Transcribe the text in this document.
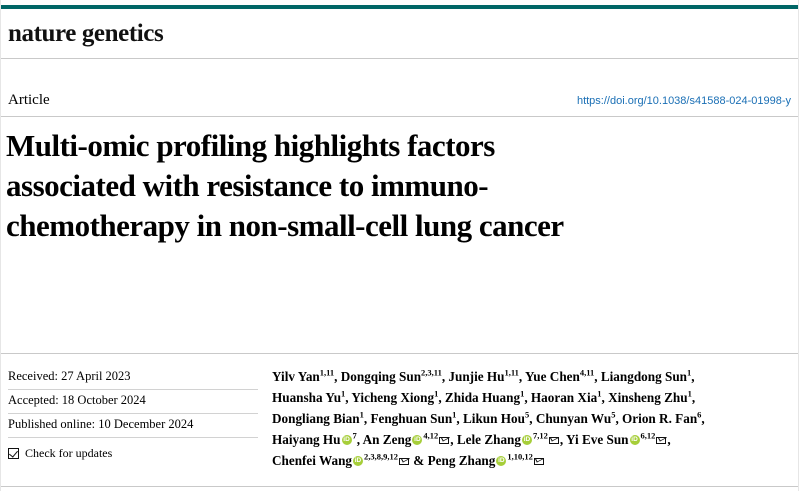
nature genetics
Article	https://doi.org/10.1038/s41588-024-01998-y
Multi-omic profiling highlights factors associated with resistance to immuno-chemotherapy in non-small-cell lung cancer
Received: 27 April 2023
Accepted: 18 October 2024
Published online: 10 December 2024
Check for updates
Yilv Yan$^{1,11}$, Dongqing Sun$^{2,3,11}$, Junjie Hu$^{1,11}$, Yue Chen$^{4,11}$, Liangdong Sun$^1$,
Huansha Yu$^1$, Yicheng Xiong$^1$, Zhida Huang$^1$, Haoran Xia$^1$, Xinsheng Zhu$^1$,
Dongliang Bian$^1$, Fenghuan Sun$^1$, Likun Hou$^5$, Chunyan Wu$^5$, Orion R. Fan$^6$,
Haiyang Hu iD $^7$, An Zeng iD $^{4,12}$ , Lele Zhang iD $^{7,12}$ , Yi Eve Sun iD $^{6,12}$ ,
Chenfei Wang iD $^{2,3,8,9,12}$ & Peng Zhang iD $^{1,10,12}$
